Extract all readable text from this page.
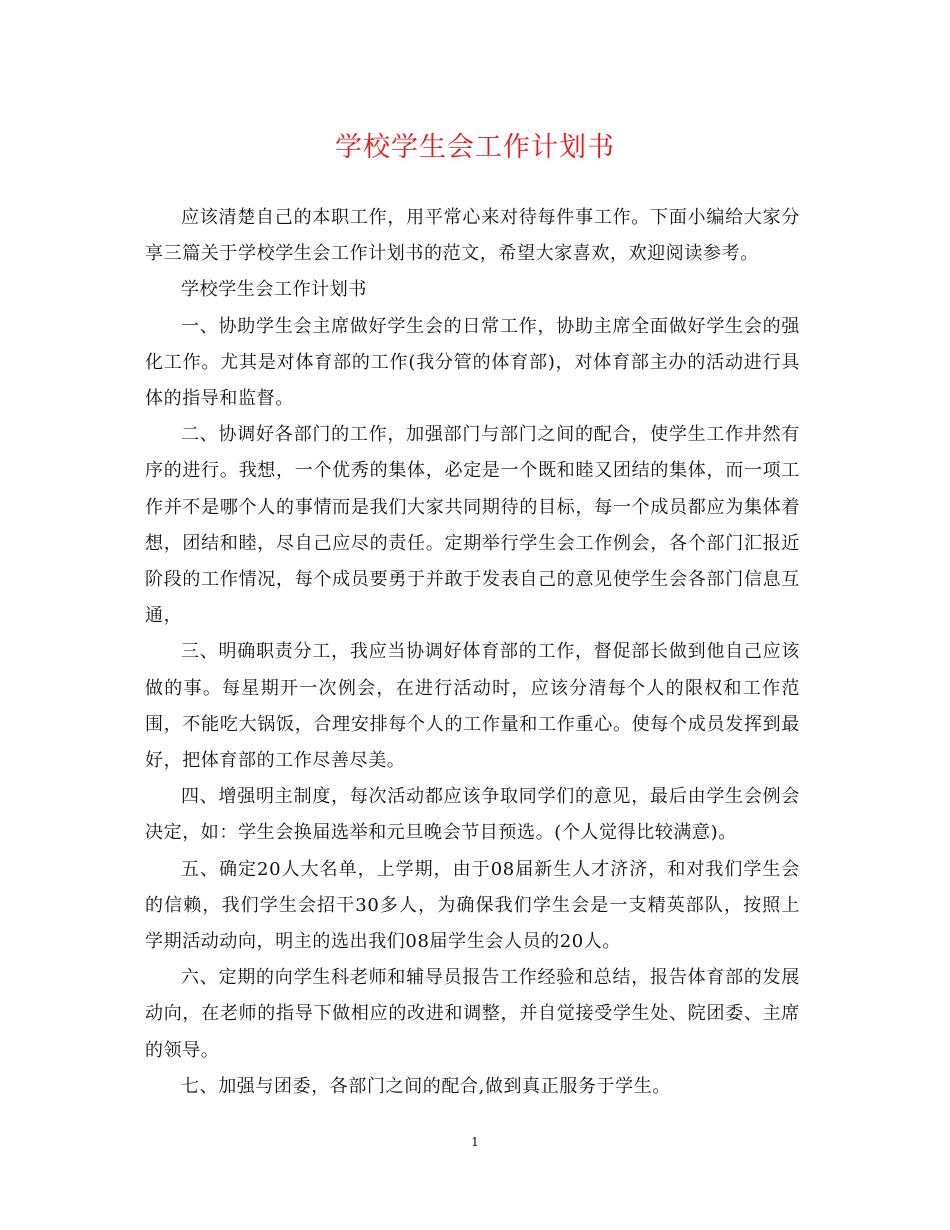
学校学生会工作计划书

应该清楚自己的本职工作，用平常心来对待每件事工作。下面小编给大家分享三篇关于学校学生会工作计划书的范文，希望大家喜欢，欢迎阅读参考。

学校学生会工作计划书

一、协助学生会主席做好学生会的日常工作，协助主席全面做好学生会的强化工作。尤其是对体育部的工作(我分管的体育部)，对体育部主办的活动进行具体的指导和监督。

二、协调好各部门的工作，加强部门与部门之间的配合，使学生工作井然有序的进行。我想，一个优秀的集体，必定是一个既和睦又团结的集体，而一项工作并不是哪个人的事情而是我们大家共同期待的目标，每一个成员都应为集体着想，团结和睦，尽自己应尽的责任。定期举行学生会工作例会，各个部门汇报近阶段的工作情况，每个成员要勇于并敢于发表自己的意见使学生会各部门信息互通，

三、明确职责分工，我应当协调好体育部的工作，督促部长做到他自己应该做的事。每星期开一次例会，在进行活动时，应该分清每个人的限权和工作范围，不能吃大锅饭，合理安排每个人的工作量和工作重心。使每个成员发挥到最好，把体育部的工作尽善尽美。

四、增强明主制度，每次活动都应该争取同学们的意见，最后由学生会例会决定，如：学生会换届选举和元旦晚会节目预选。(个人觉得比较满意)。

五、确定20人大名单，上学期，由于08届新生人才济济，和对我们学生会的信赖，我们学生会招干30多人，为确保我们学生会是一支精英部队，按照上学期活动动向，明主的选出我们08届学生会人员的20人。

六、定期的向学生科老师和辅导员报告工作经验和总结，报告体育部的发展动向，在老师的指导下做相应的改进和调整，并自觉接受学生处、院团委、主席的领导。

七、加强与团委，各部门之间的配合,做到真正服务于学生。

1
